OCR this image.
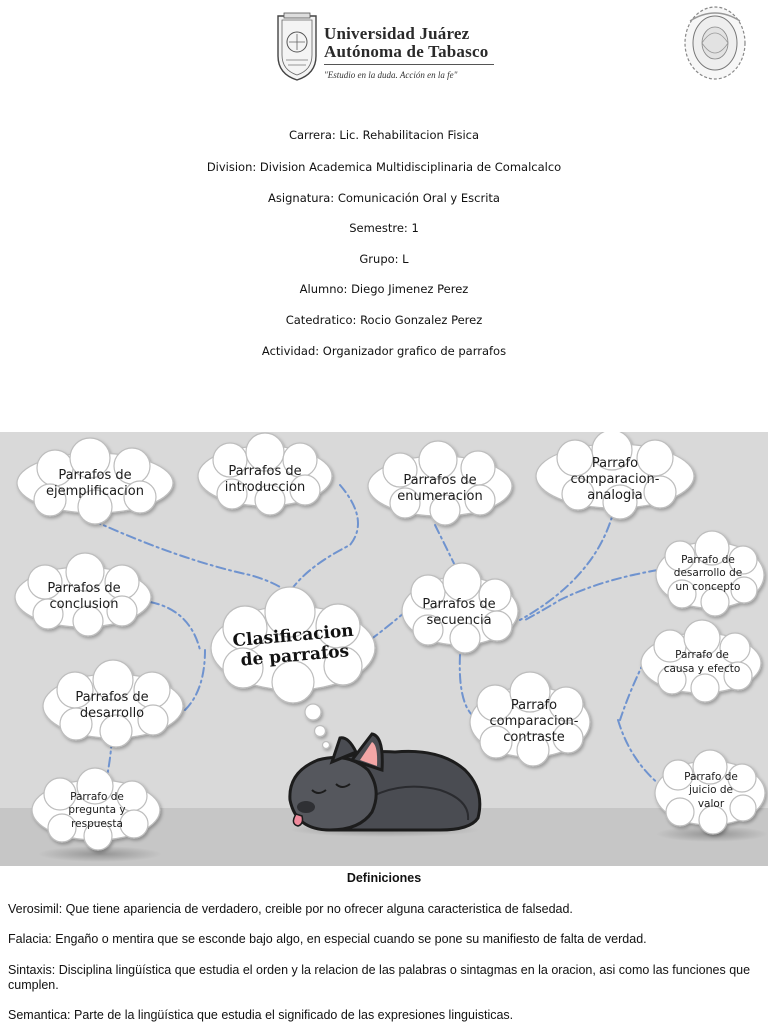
Universidad Juárez
Autónoma de Tabasco
"Estudio en la duda. Acción en la fe"
Carrera: Lic. Rehabilitacion Fisica
Division: Division Academica Multidisciplinaria de Comalcalco
Asignatura: Comunicación Oral y Escrita
Semestre: 1
Grupo: L
Alumno: Diego Jimenez Perez
Catedratico: Rocio Gonzalez Perez
Actividad: Organizador grafico de parrafos
Parrafos de ejemplificacion
Parrafos de introduccion	Parrafos de enumeracion
Parrafo comparacion-analogia
Parrafos de conclusion	Parrafos de secuencia
Parrafo de desarrollo de un concepto
Clasificacion de parrafos
Parrafos de desarrollo
Parrafo comparacion-contraste
Parrafo de causa y efecto
Parrafo de pregunta y respuesta
Parrafo de juicio de valor
Definiciones
Verosimil: Que tiene apariencia de verdadero, creible por no ofrecer alguna caracteristica de falsedad.
Falacia: Engaño o mentira que se esconde bajo algo, en especial cuando se pone su manifiesto de falta de verdad.
Sintaxis: Disciplina lingüística que estudia el orden y la relacion de las palabras o sintagmas en la oracion, asi como las funciones que cumplen.
Semantica: Parte de la lingüística que estudia el significado de las expresiones linguisticas.
